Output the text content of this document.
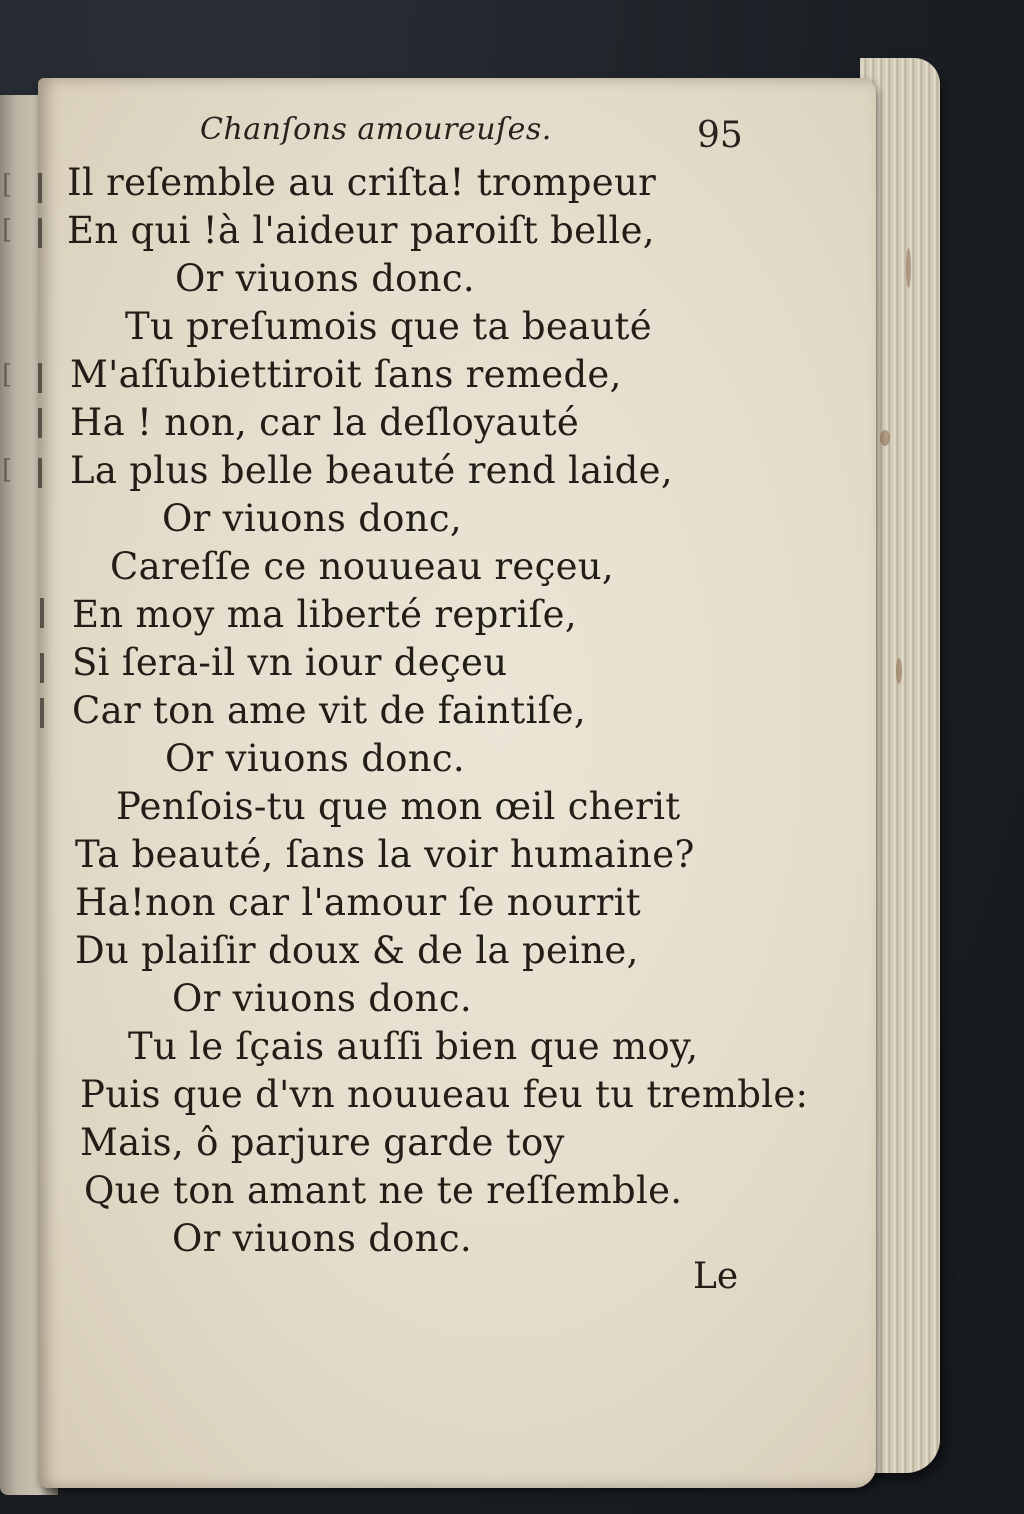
[
[
[
[
Chanſons amoureuſes.	95

Il reſemble au criſta! trompeur

En qui !à l'aideur paroiſt belle,

Or viuons donc.

Tu preſumois que ta beauté

M'aſſubiettiroit ſans remede,

Ha ! non, car la deſloyauté

La plus belle beauté rend laide,

Or viuons donc,

Careſſe ce nouueau reçeu,

En moy ma liberté repriſe,

Si ſera-il vn iour deçeu

Car ton ame vit de faintiſe,

Or viuons donc.

Penſois-tu que mon œil cherit

Ta beauté, ſans la voir humaine?

Ha!non car l'amour ſe nourrit

Du plaiſir doux & de la peine,

Or viuons donc.

Tu le ſçais auſſi bien que moy,

Puis que d'vn nouueau feu tu tremble:

Mais, ô parjure garde toy

Que ton amant ne te reſſemble.

Or viuons donc.

Le
